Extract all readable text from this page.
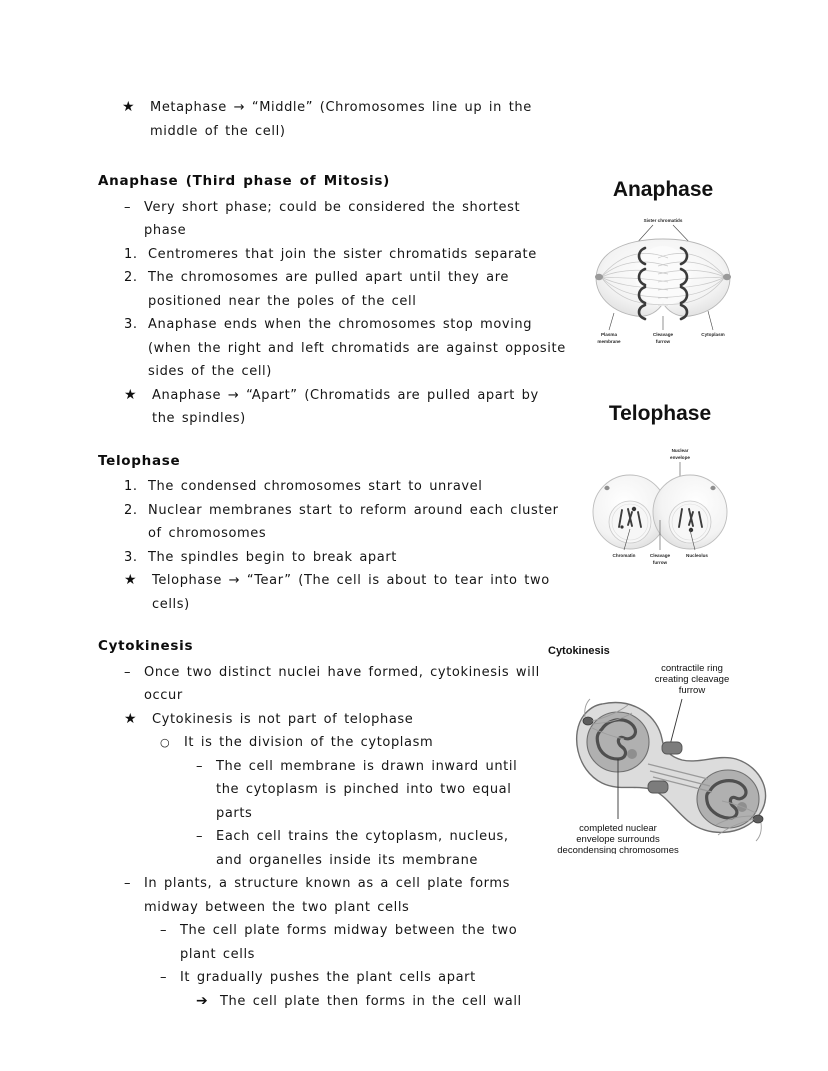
★	Metaphase → “Middle” (Chromosomes line up in the middle of the cell)
Anaphase (Third phase of Mitosis)
– Very short phase; could be considered the shortest phase
1. Centromeres that join the sister chromatids separate
2. The chromosomes are pulled apart until they are positioned near the poles of the cell
3. Anaphase ends when the chromosomes stop moving (when the right and left chromatids are against opposite sides of the cell)
★	Anaphase → “Apart” (Chromatids are pulled apart by the spindles)
Telophase
1. The condensed chromosomes start to unravel
2. Nuclear membranes start to reform around each cluster of chromosomes
3. The spindles begin to break apart
★	Telophase → “Tear” (The cell is about to tear into two cells)
Cytokinesis
– Once two distinct nuclei have formed, cytokinesis will occur
★	Cytokinesis is not part of telophase
○	It is the division of the cytoplasm
– The cell membrane is drawn inward until the cytoplasm is pinched into two equal parts
– Each cell trains the cytoplasm, nucleus, and organelles inside its membrane
– In plants, a structure known as a cell plate forms midway between the two plant cells
– The cell plate forms midway between the two plant cells
– It gradually pushes the plant cells apart
➔ The cell plate then forms in the cell wall
Anaphase
Sister chromatids
Plasma
membrane
Cleavage
furrow
Cytoplasm
Telophase
Nuclear
envelope
Chromatin	Cleavage
furrow
Nucleolus
Cytokinesis
contractile ring
creating cleavage
furrow
completed nuclear
envelope surrounds
decondensing chromosomes
